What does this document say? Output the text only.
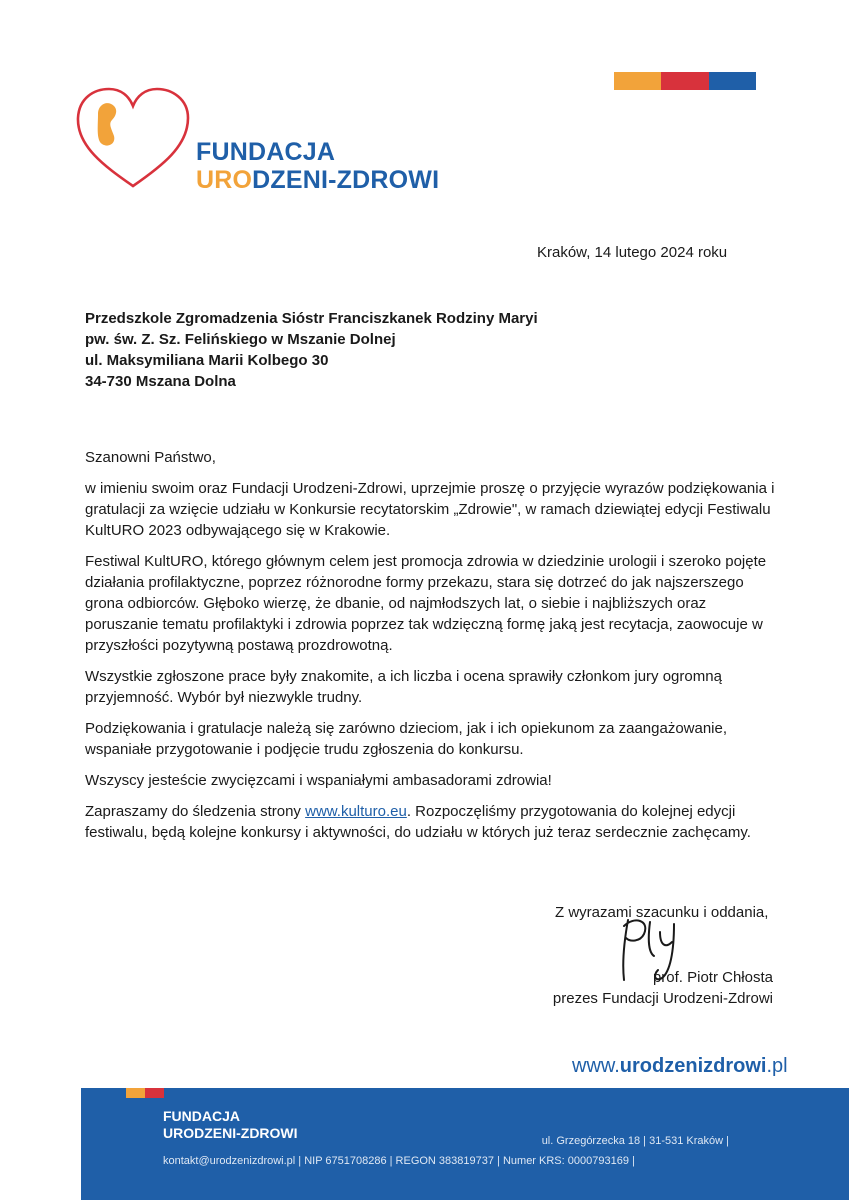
FUNDACJA
URODZENI-ZDROWI
Kraków, 14 lutego 2024 roku
Przedszkole Zgromadzenia Sióstr Franciszkanek Rodziny Maryi
pw. św. Z. Sz. Felińskiego w Mszanie Dolnej
ul. Maksymiliana Marii Kolbego 30
34-730 Mszana Dolna
Szanowni Państwo,

w imieniu swoim oraz Fundacji Urodzeni-Zdrowi, uprzejmie proszę o przyjęcie wyrazów podziękowania i gratulacji za wzięcie udziału w Konkursie recytatorskim „Zdrowie", w ramach dziewiątej edycji Festiwalu KultURO 2023 odbywającego się w Krakowie.

Festiwal KultURO, którego głównym celem jest promocja zdrowia w dziedzinie urologii i szeroko pojęte działania profilaktyczne, poprzez różnorodne formy przekazu, stara się dotrzeć do jak najszerszego grona odbiorców. Głęboko wierzę, że dbanie, od najmłodszych lat, o siebie i najbliższych oraz poruszanie tematu profilaktyki i zdrowia poprzez tak wdzięczną formę jaką jest recytacja, zaowocuje w przyszłości pozytywną postawą prozdrowotną.

Wszystkie zgłoszone prace były znakomite, a ich liczba i ocena sprawiły członkom jury ogromną przyjemność. Wybór był niezwykle trudny.

Podziękowania i gratulacje należą się zarówno dzieciom, jak i ich opiekunom za zaangażowanie, wspaniałe przygotowanie i podjęcie trudu zgłoszenia do konkursu.

Wszyscy jesteście zwycięzcami i wspaniałymi ambasadorami zdrowia!

Zapraszamy do śledzenia strony www.kulturo.eu. Rozpoczęliśmy przygotowania do kolejnej edycji festiwalu, będą kolejne konkursy i aktywności, do udziału w których już teraz serdecznie zachęcamy.

Z wyrazami szacunku i oddania,
prof. Piotr Chłosta
prezes Fundacji Urodzeni-Zdrowi
www.urodzenizdrowi.pl
FUNDACJA
URODZENI-ZDROWI	ul. Grzegórzecka 18 | 31-531 Kraków |
kontakt@urodzenizdrowi.pl | NIP 6751708286 | REGON 383819737 | Numer KRS: 0000793169 |
